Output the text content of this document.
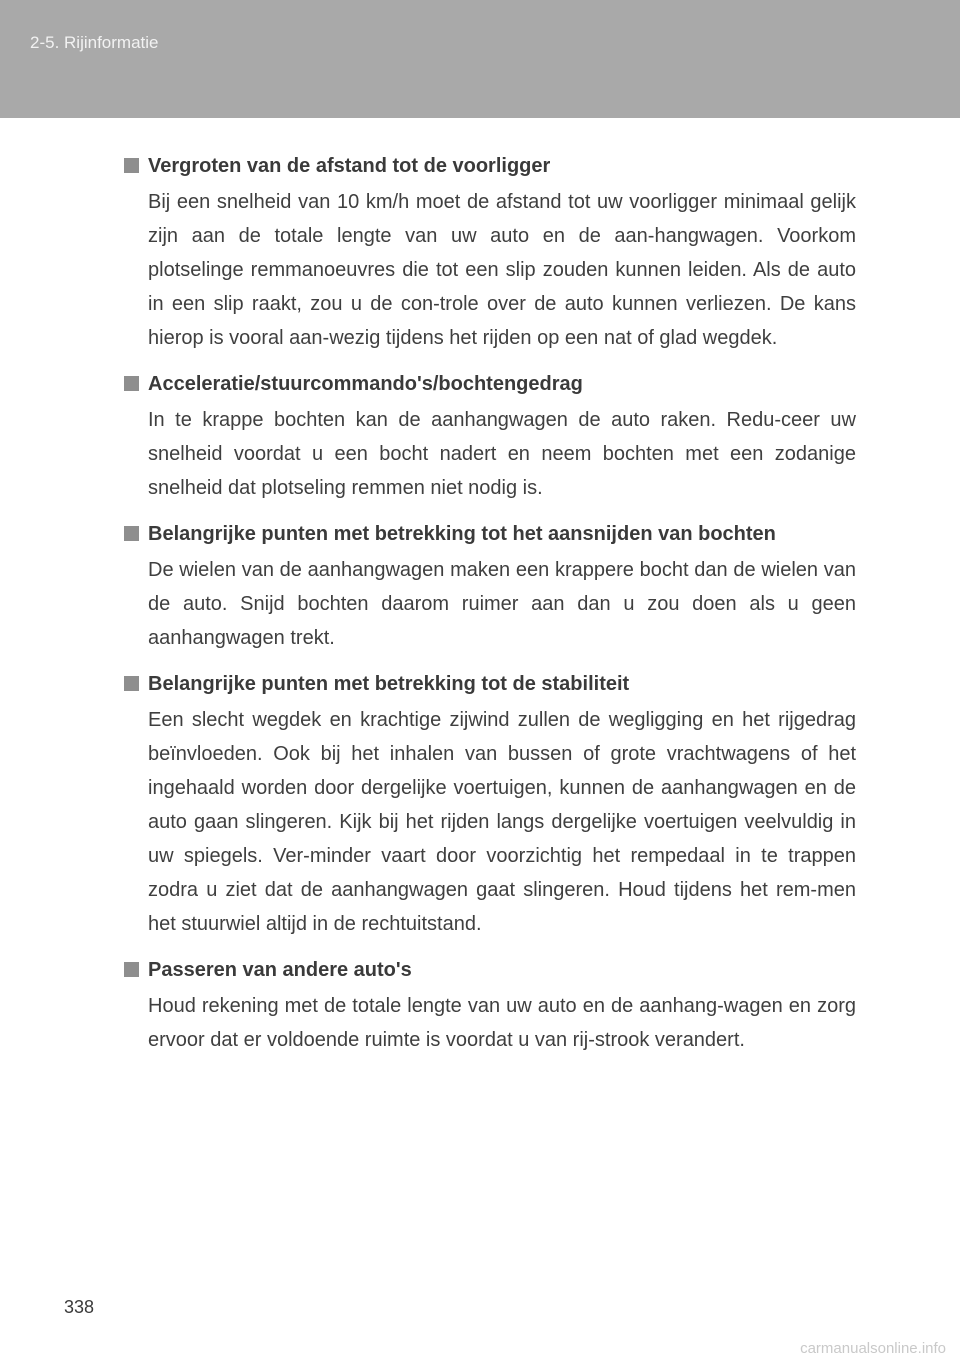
2-5. Rijinformatie
Vergroten van de afstand tot de voorligger
Bij een snelheid van 10 km/h moet de afstand tot uw voorligger minimaal gelijk zijn aan de totale lengte van uw auto en de aan-hangwagen. Voorkom plotselinge remmanoeuvres die tot een slip zouden kunnen leiden. Als de auto in een slip raakt, zou u de con-trole over de auto kunnen verliezen. De kans hierop is vooral aan-wezig tijdens het rijden op een nat of glad wegdek.
Acceleratie/stuurcommando's/bochtengedrag
In te krappe bochten kan de aanhangwagen de auto raken. Redu-ceer uw snelheid voordat u een bocht nadert en neem bochten met een zodanige snelheid dat plotseling remmen niet nodig is.
Belangrijke punten met betrekking tot het aansnijden van bochten
De wielen van de aanhangwagen maken een krappere bocht dan de wielen van de auto. Snijd bochten daarom ruimer aan dan u zou doen als u geen aanhangwagen trekt.
Belangrijke punten met betrekking tot de stabiliteit
Een slecht wegdek en krachtige zijwind zullen de wegligging en het rijgedrag beïnvloeden. Ook bij het inhalen van bussen of grote vrachtwagens of het ingehaald worden door dergelijke voertuigen, kunnen de aanhangwagen en de auto gaan slingeren. Kijk bij het rijden langs dergelijke voertuigen veelvuldig in uw spiegels. Ver-minder vaart door voorzichtig het rempedaal in te trappen zodra u ziet dat de aanhangwagen gaat slingeren. Houd tijdens het rem-men het stuurwiel altijd in de rechtuitstand.
Passeren van andere auto's
Houd rekening met de totale lengte van uw auto en de aanhang-wagen en zorg ervoor dat er voldoende ruimte is voordat u van rij-strook verandert.
338
carmanualsonline.info
